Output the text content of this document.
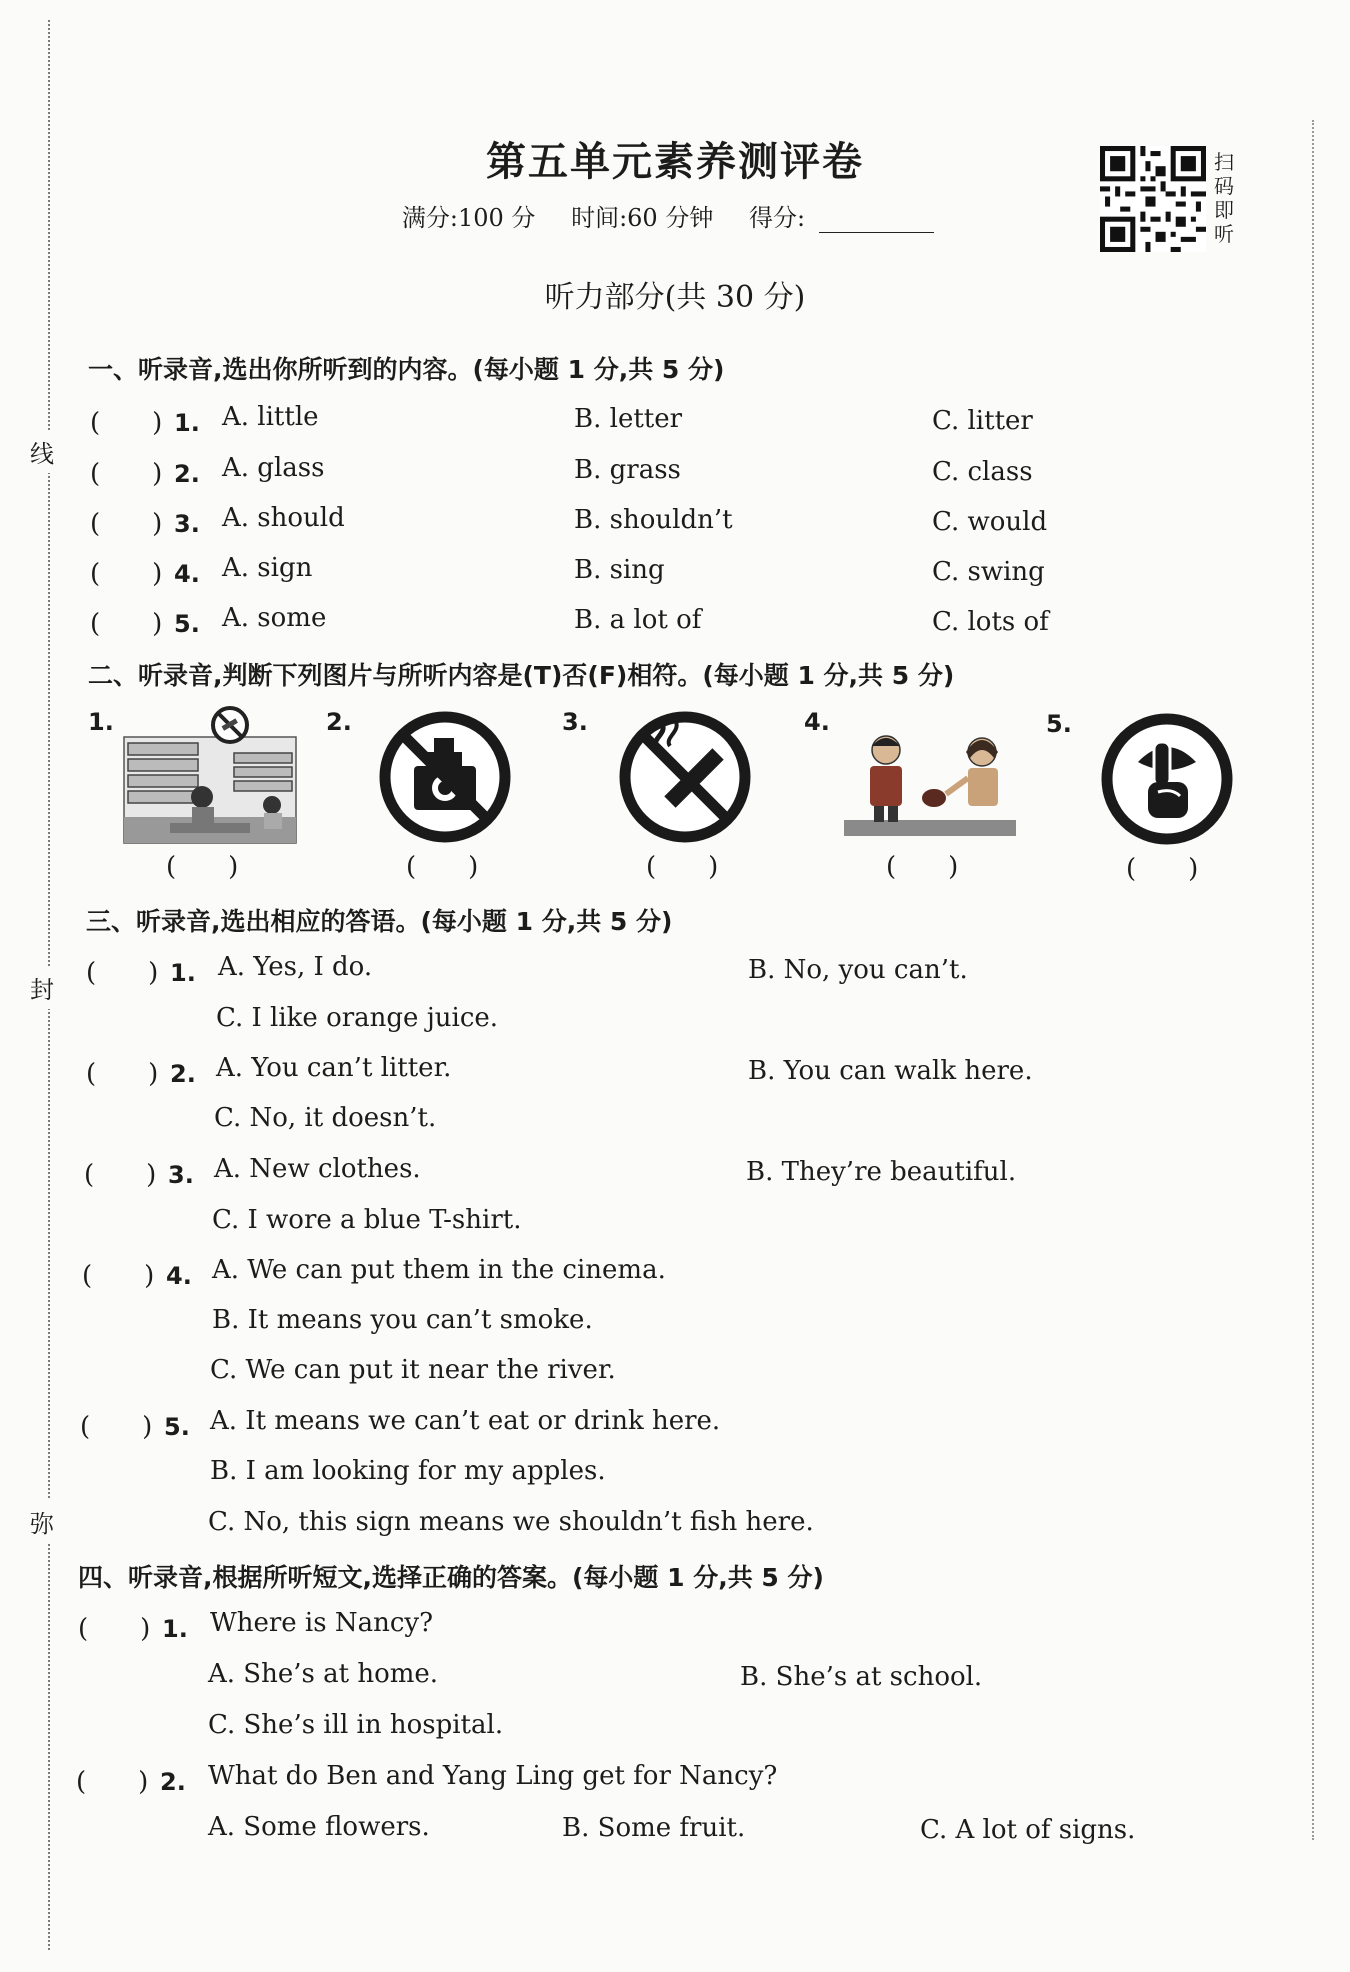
线
封
弥
第五单元素养测评卷
满分:100 分 时间:60 分钟 得分:
扫码即听
听力部分(共 30 分)
一、听录音,选出你所听到的内容。(每小题 1 分,共 5 分)
(　　) 1. A. little	B. letter	C. litter
(　　) 2. A. glass	B. grass	C. class
(　　) 3. A. should	B. shouldn’t	C. would
(　　) 4. A. sign	B. sing	C. swing
(　　) 5. A. some	B. a lot of	C. lots of
二、听录音,判断下列图片与所听内容是(T)否(F)相符。(每小题 1 分,共 5 分)
1.
(　　)
2.
(　　)
3.
(　　)
4.
(　　)
5.
(　　)
三、听录音,选出相应的答语。(每小题 1 分,共 5 分)
(　　) 1. A. Yes, I do.	B. No, you can’t.
C. I like orange juice.
(　　) 2. A. You can’t litter.	B. You can walk here.
C. No, it doesn’t.
(　　) 3. A. New clothes.	B. They’re beautiful.
C. I wore a blue T-shirt.
(　　) 4. A. We can put them in the cinema.
B. It means you can’t smoke.
C. We can put it near the river.
(　　) 5. A. It means we can’t eat or drink here.
B. I am looking for my apples.
C. No, this sign means we shouldn’t fish here.
四、听录音,根据所听短文,选择正确的答案。(每小题 1 分,共 5 分)
(　　) 1. Where is Nancy?
A. She’s at home.	B. She’s at school.
C. She’s ill in hospital.
(　　) 2. What do Ben and Yang Ling get for Nancy?
A. Some flowers.	B. Some fruit.	C. A lot of signs.
